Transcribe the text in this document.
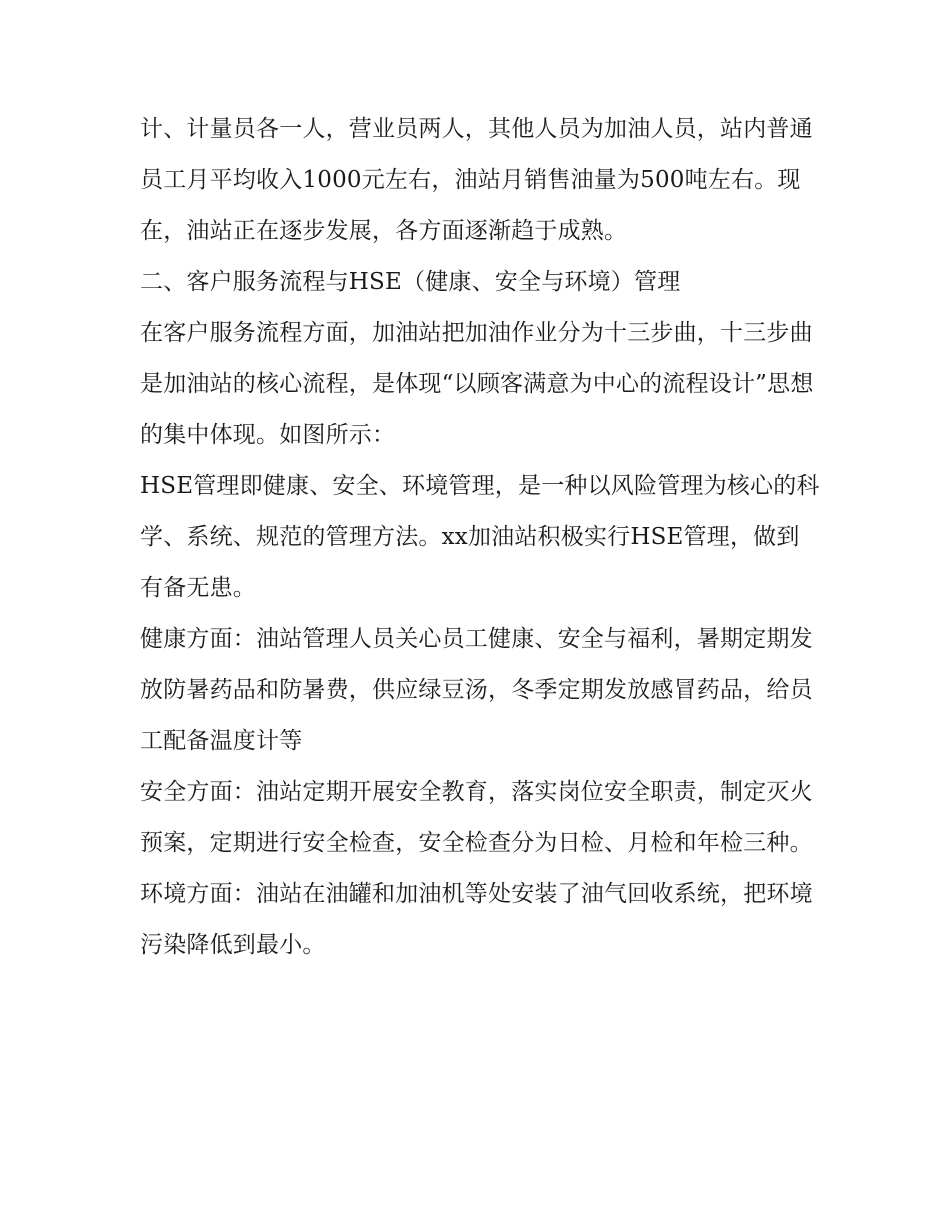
计、计量员各一人，营业员两人，其他人员为加油人员，站内普通员工月平均收入1000元左右，油站月销售油量为500吨左右。现在，油站正在逐步发展，各方面逐渐趋于成熟。

二、客户服务流程与HSE（健康、安全与环境）管理

在客户服务流程方面，加油站把加油作业分为十三步曲，十三步曲是加油站的核心流程，是体现“以顾客满意为中心的流程设计”思想的集中体现。如图所示：

HSE管理即健康、安全、环境管理，是一种以风险管理为核心的科学、系统、规范的管理方法。xx加油站积极实行HSE管理，做到有备无患。

健康方面：油站管理人员关心员工健康、安全与福利，暑期定期发放防暑药品和防暑费，供应绿豆汤，冬季定期发放感冒药品，给员工配备温度计等

安全方面：油站定期开展安全教育，落实岗位安全职责，制定灭火预案，定期进行安全检查，安全检查分为日检、月检和年检三种。

环境方面：油站在油罐和加油机等处安装了油气回收系统，把环境污染降低到最小。
